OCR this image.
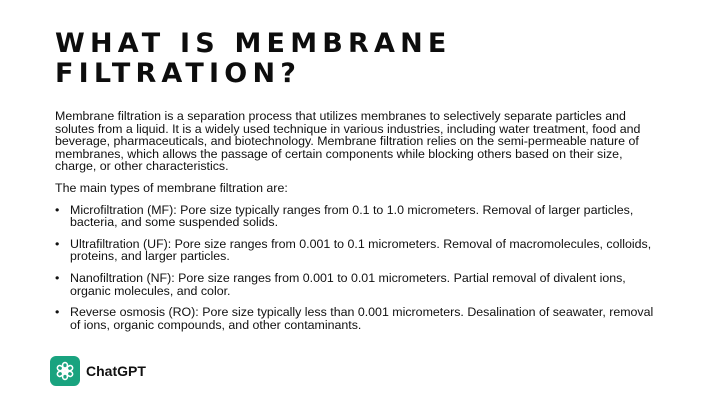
WHAT IS MEMBRANE FILTRATION?

Membrane filtration is a separation process that utilizes membranes to selectively separate particles and solutes from a liquid. It is a widely used technique in various industries, including water treatment, food and beverage, pharmaceuticals, and biotechnology. Membrane filtration relies on the semi-permeable nature of membranes, which allows the passage of certain components while blocking others based on their size, charge, or other characteristics.

The main types of membrane filtration are:

• Microfiltration (MF): Pore size typically ranges from 0.1 to 1.0 micrometers. Removal of larger particles, bacteria, and some suspended solids.
• Ultrafiltration (UF): Pore size ranges from 0.001 to 0.1 micrometers. Removal of macromolecules, colloids, proteins, and larger particles.
• Nanofiltration (NF): Pore size ranges from 0.001 to 0.01 micrometers. Partial removal of divalent ions, organic molecules, and color.
• Reverse osmosis (RO): Pore size typically less than 0.001 micrometers. Desalination of seawater, removal of ions, organic compounds, and other contaminants.
ChatGPT
